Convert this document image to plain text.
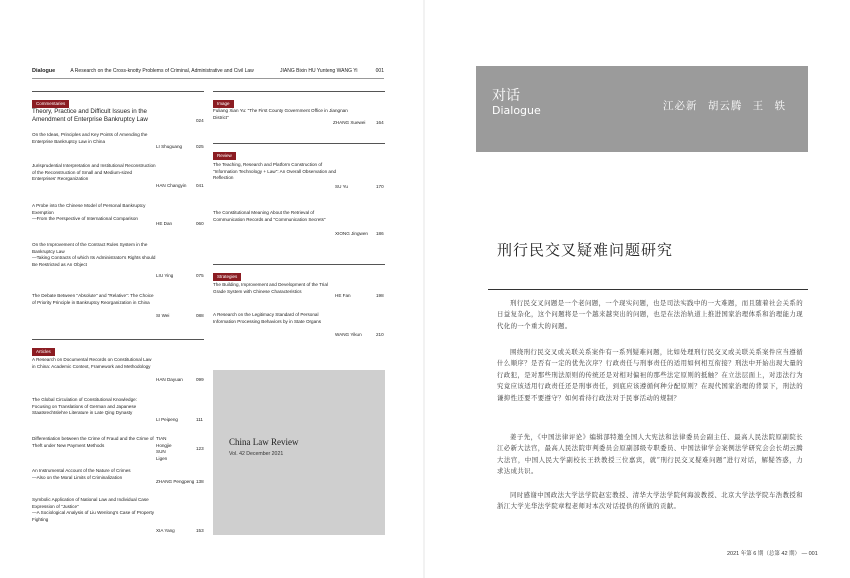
Dialogue	A Research on the Cross-knotty Problems of Criminal, Administrative and Civil Law	JIANG Bixin HU Yunteng WANG Yi	001
Commentaries
Theory, Practice and Difficult Issues in the Amendment of Enterprise Bankruptcy Law	024
On the Ideas, Principles and Key Points of Amending the Enterprise Bankruptcy Law in China
LI Shuguang	025
Jurisprudential Interpretation and Institutional Reconstruction of the Reconstruction of Small and Medium-sized Enterprises' Reorganization
HAN Changyin 041
A Probe into the Chinese Model of Personal Bankruptcy Exemption
—From the Perspective of International Comparison
HE Dan	060
On the Improvement of the Contract Rules System in the Bankruptcy Law
—Taking Contracts of which Its Administrator's Rights should Be Restricted as An Object
LIU Ying	075
The Debate Between "Absolute" and "Relative": The Choice of Priority Principle in Bankruptcy Reorganization in China
SI Wei	088
Articles
A Research on Documental Records on Constitutional Law in China: Academic Context, Framework and Methodology
HAN Dayuan	099
The Global Circulation of Constitutional Knowledge: Focusing on Translations of German and Japanese Staatsrechtslehre Literature in Late Qing Dynasty
LI Peipeng	111
Differentiation between the Crime of Fraud and the Crime of Theft under New Payment Methods
TIAN Hongjie
SUN Ligen
123
An Instrumental Account of the Nature of Crimes
—Also on the Moral Limits of Criminalization
ZHANG Pengpeng 138
Symbolic Application of National Law and Individual Case Expression of "Justice"
—A Sociological Analysis of Liu Wenlong's Case of Property Fighting
XIA Yang	153
Image
Fuliang Xian Yu: "The First County Government Office in Jiangnan District"
ZHANG Xuewei 164
Review
The Teaching, Research and Platform Construction of "Information Technology + Law": An Overall Observation and Reflection
SU Yu	170
The Constitutional Meaning About the Retrieval of Communication Records and "Communication Secrets"
XIONG Jingwen 186
Strategies
The Building, Improvement and Development of the Trial Grade System with Chinese Characteristics
HE Fan	198
A Research on the Legitimacy Standard of Personal Information Processing Behaviors by in State Organs
WANG Yikun	210
China Law Review
Vol. 42 December 2021
对话
Dialogue	江必新 胡云腾 王 轶
刑行民交叉疑难问题研究
刑行民交叉问题是一个老问题，一个现实问题，也是司法实践中的一大难题，而且随着社会关系的日益复杂化，这个问题将是一个越来越突出的问题，也是在法治轨道上推进国家治理体系和治理能力现代化的一个重大的问题。
围绕刑行民交叉或关联关系案件有一系列疑难问题，比如处理刑行民交叉或关联关系案件应当遵循什么顺序？是否有一定的优先次序？行政责任与刑事责任的适用如何相互衔接？刑法中开始出现大量的行政犯，是对那些刑法原则的传统还是对相对偏袒的那些法定原则的抵触？在立法层面上，对违法行为究竟应该适用行政责任还是刑事责任，到底应该遵循何种分配原则？在现代国家治理的背景下，刑法的谦抑性还要不要遵守？如何看待行政法对于民事活动的规制？
姜子先，《中国法律评论》编辑部特邀全国人大宪法和法律委员会副主任、最高人民法院原副院长江必新大法官，最高人民法院审判委员会原副部级专职委员、中国法律学会案例法学研究会会长胡云腾大法官，中国人民大学副校长王轶教授三位嘉宾，就“刑行民交叉疑难问题”进行对话，解疑答惑，力求达成共识。
同时感谢中国政法大学法学院赵宏教授、清华大学法学院何海波教授、北京大学法学院车浩教授和浙江大学光华法学院章程老师对本次对话提供的所做的贡献。
2021 年第 6 期（总第 42 期） — 001
